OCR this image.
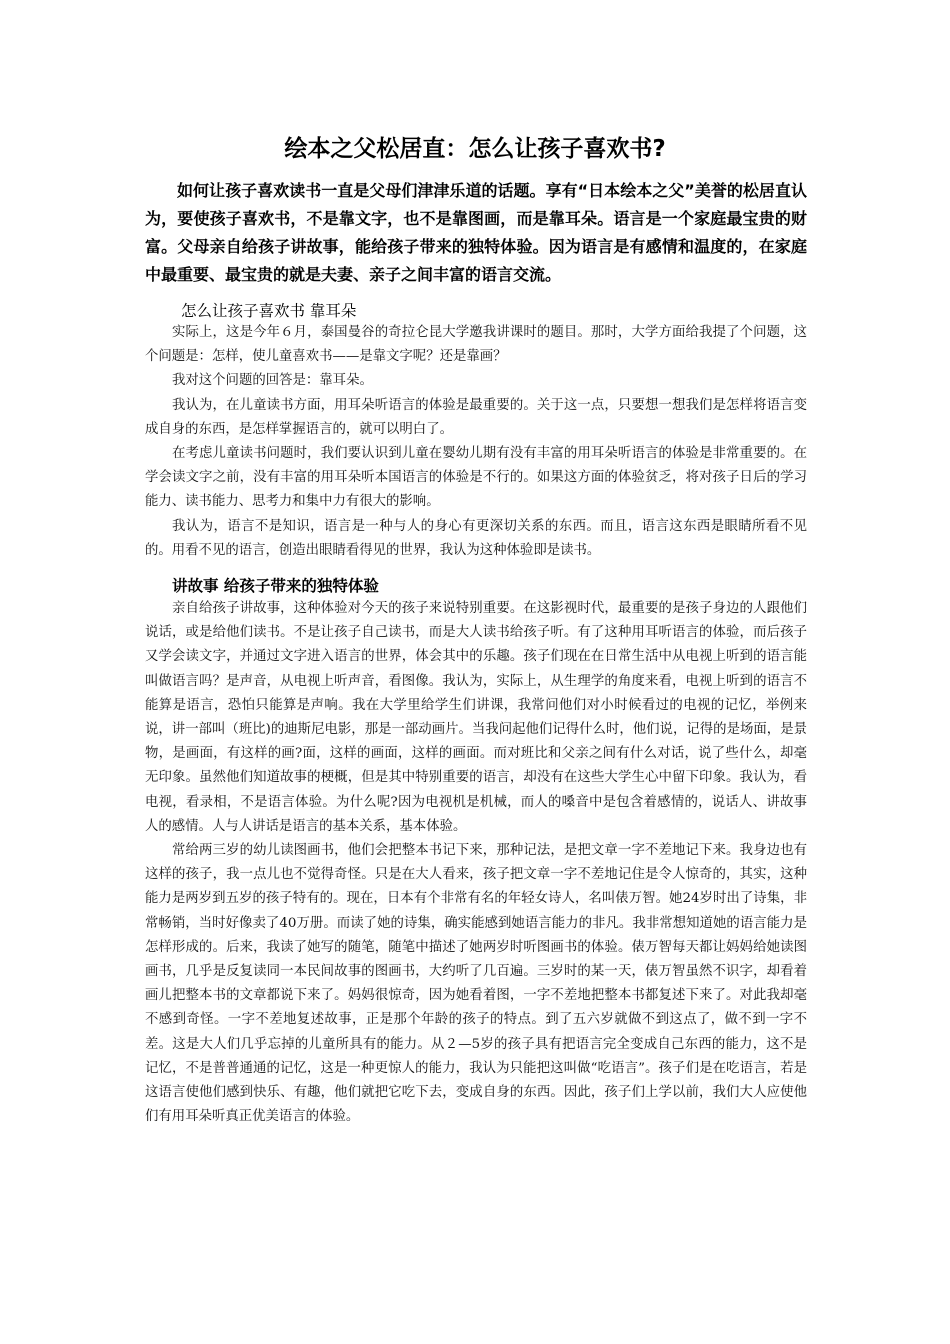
绘本之父松居直：怎么让孩子喜欢书?

如何让孩子喜欢读书一直是父母们津津乐道的话题。享有“日本绘本之父”美誉的松居直认为，要使孩子喜欢书，不是靠文字，也不是靠图画，而是靠耳朵。语言是一个家庭最宝贵的财富。父母亲自给孩子讲故事，能给孩子带来的独特体验。因为语言是有感情和温度的，在家庭中最重要、最宝贵的就是夫妻、亲子之间丰富的语言交流。

怎么让孩子喜欢书 靠耳朵

实际上，这是今年６月，泰国曼谷的奇拉仑昆大学邀我讲课时的题目。那时，大学方面给我提了个问题，这个问题是：怎样，使儿童喜欢书——是靠文字呢？还是靠画？

我对这个问题的回答是：靠耳朵。

我认为，在儿童读书方面，用耳朵听语言的体验是最重要的。关于这一点，只要想一想我们是怎样将语言变成自身的东西，是怎样掌握语言的，就可以明白了。

在考虑儿童读书问题时，我们要认识到儿童在婴幼儿期有没有丰富的用耳朵听语言的体验是非常重要的。在学会读文字之前，没有丰富的用耳朵听本国语言的体验是不行的。如果这方面的体验贫乏，将对孩子日后的学习能力、读书能力、思考力和集中力有很大的影响。

我认为，语言不是知识，语言是一种与人的身心有更深切关系的东西。而且，语言这东西是眼睛所看不见的。用看不见的语言，创造出眼睛看得见的世界，我认为这种体验即是读书。

讲故事 给孩子带来的独特体验

亲自给孩子讲故事，这种体验对今天的孩子来说特别重要。在这影视时代，最重要的是孩子身边的人跟他们说话，或是给他们读书。不是让孩子自己读书，而是大人读书给孩子听。有了这种用耳听语言的体验，而后孩子又学会读文字，并通过文字进入语言的世界，体会其中的乐趣。孩子们现在在日常生活中从电视上听到的语言能叫做语言吗？是声音，从电视上听声音，看图像。我认为，实际上，从生理学的角度来看，电视上听到的语言不能算是语言，恐怕只能算是声响。我在大学里给学生们讲课，我常问他们对小时候看过的电视的记忆，举例来说，讲一部叫（班比)的迪斯尼电影，那是一部动画片。当我问起他们记得什么时，他们说，记得的是场面，是景物，是画面，有这样的画?面，这样的画面，这样的画面。而对班比和父亲之间有什么对话，说了些什么，却毫无印象。虽然他们知道故事的梗概，但是其中特别重要的语言，却没有在这些大学生心中留下印象。我认为，看电视，看录相，不是语言体验。为什么呢?因为电视机是机械，而人的嗓音中是包含着感情的，说话人、讲故事人的感情。人与人讲话是语言的基本关系，基本体验。

常给两三岁的幼儿读图画书，他们会把整本书记下来，那种记法，是把文章一字不差地记下来。我身边也有这样的孩子，我一点儿也不觉得奇怪。只是在大人看来，孩子把文章一字不差地记住是令人惊奇的，其实，这种能力是两岁到五岁的孩子特有的。现在，日本有个非常有名的年轻女诗人，名叫俵万智。她24岁时出了诗集，非常畅销，当时好像卖了40万册。而读了她的诗集，确实能感到她语言能力的非凡。我非常想知道她的语言能力是怎样形成的。后来，我读了她写的随笔，随笔中描述了她两岁时听图画书的体验。俵万智每天都让妈妈给她读图画书，几乎是反复读同一本民间故事的图画书，大约听了几百遍。三岁时的某一天，俵万智虽然不识字，却看着画儿把整本书的文章都说下来了。妈妈很惊奇，因为她看着图，一字不差地把整本书都复述下来了。对此我却毫不感到奇怪。一字不差地复述故事，正是那个年龄的孩子的特点。到了五六岁就做不到这点了，做不到一字不差。这是大人们几乎忘掉的儿童所具有的能力。从２—5岁的孩子具有把语言完全变成自己东西的能力，这不是记忆，不是普普通通的记忆，这是一种更惊人的能力，我认为只能把这叫做“吃语言”。孩子们是在吃语言，若是这语言使他们感到快乐、有趣，他们就把它吃下去，变成自身的东西。因此，孩子们上学以前，我们大人应使他们有用耳朵听真正优美语言的体验。
